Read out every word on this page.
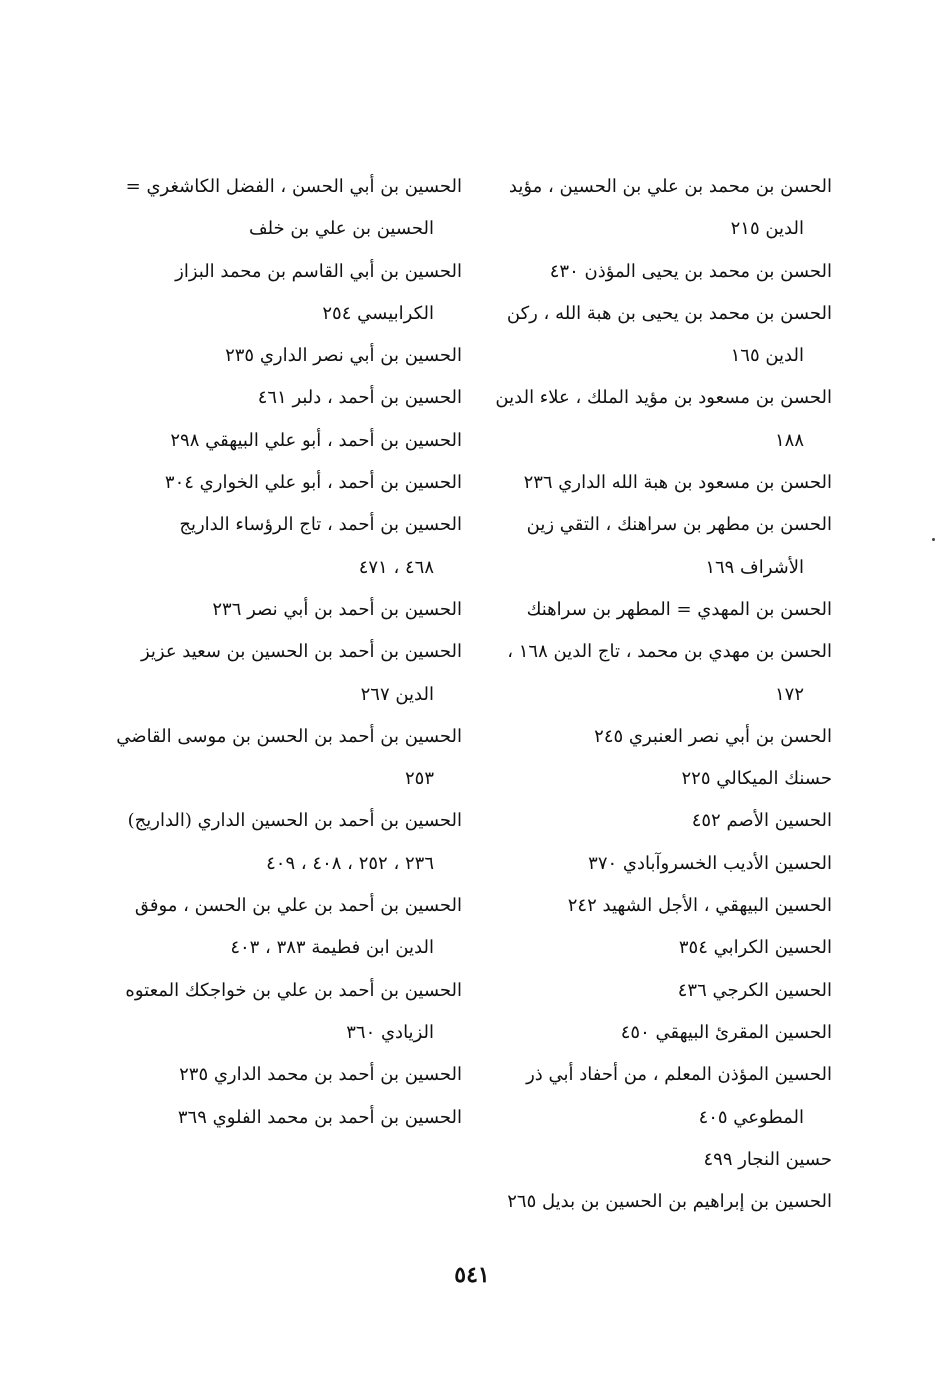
الحسن بن محمد بن علي بن الحسين ، مؤيد
الدين ٢١٥
الحسن بن محمد بن يحيى المؤذن ٤٣٠
الحسن بن محمد بن يحيى بن هبة الله ، ركن
الدين ١٦٥
الحسن بن مسعود بن مؤيد الملك ، علاء الدين
١٨٨
الحسن بن مسعود بن هبة الله الداري ٢٣٦
الحسن بن مطهر بن سراهنك ، التقي زين
الأشراف ١٦٩
الحسن بن المهدي = المطهر بن سراهنك
الحسن بن مهدي بن محمد ، تاج الدين ١٦٨ ،
١٧٢
الحسن بن أبي نصر العنبري ٢٤٥
حسنك الميكالي ٢٢٥
الحسين الأصم ٤٥٢
الحسين الأديب الخسروآبادي ٣٧٠
الحسين البيهقي ، الأجل الشهيد ٢٤٢
الحسين الكرابي ٣٥٤
الحسين الكرجي ٤٣٦
الحسين المقرئ البيهقي ٤٥٠
الحسين المؤذن المعلم ، من أحفاد أبي ذر
المطوعي ٤٠٥
حسين النجار ٤٩٩
الحسين بن إبراهيم بن الحسين بن بديل ٢٦٥
الحسين بن أبي الحسن ، الفضل الكاشغري =
الحسين بن علي بن خلف
الحسين بن أبي القاسم بن محمد البزاز
الكرابيسي ٢٥٤
الحسين بن أبي نصر الداري ٢٣٥
الحسين بن أحمد ، دلبر ٤٦١
الحسين بن أحمد ، أبو علي البيهقي ٢٩٨
الحسين بن أحمد ، أبو علي الخواري ٣٠٤
الحسين بن أحمد ، تاج الرؤساء الداريج
٤٦٨ ، ٤٧١
الحسين بن أحمد بن أبي نصر ٢٣٦
الحسين بن أحمد بن الحسين بن سعيد عزيز
الدين ٢٦٧
الحسين بن أحمد بن الحسن بن موسى القاضي
٢٥٣
الحسين بن أحمد بن الحسين الداري (الداريج)
٢٣٦ ، ٢٥٢ ، ٤٠٨ ، ٤٠٩
الحسين بن أحمد بن علي بن الحسن ، موفق
الدين ابن فطيمة ٣٨٣ ، ٤٠٣
الحسين بن أحمد بن علي بن خواجكك المعتوه
الزيادي ٣٦٠
الحسين بن أحمد بن محمد الداري ٢٣٥
الحسين بن أحمد بن محمد الفلوي ٣٦٩
٥٤١
